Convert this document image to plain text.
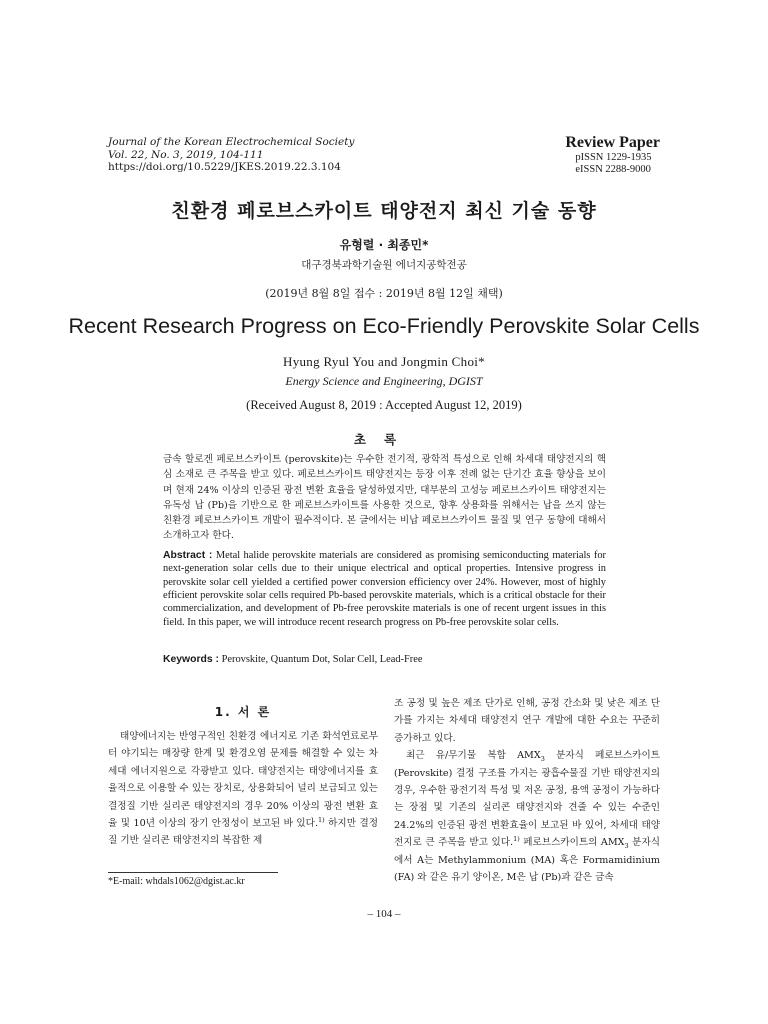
Journal of the Korean Electrochemical Society
Vol. 22, No. 3, 2019, 104-111
https://doi.org/10.5229/JKES.2019.22.3.104
Review Paper
pISSN 1229-1935
eISSN 2288-9000
친환경 페로브스카이트 태양전지 최신 기술 동향
유형렬 · 최종민*
대구경북과학기술원 에너지공학전공
(2019년 8월 8일 접수 : 2019년 8월 12일 채택)
Recent Research Progress on Eco-Friendly Perovskite Solar Cells
Hyung Ryul You and Jongmin Choi*
Energy Science and Engineering, DGIST
(Received August 8, 2019 : Accepted August 12, 2019)
초록
금속 할로겐 페로브스카이트 (perovskite)는 우수한 전기적, 광학적 특성으로 인해 차세대 태양전지의 핵심 소재로 큰 주목을 받고 있다. 페로브스카이트 태양전지는 등장 이후 전례 없는 단기간 효율 향상을 보이며 현재 24% 이상의 인증된 광전 변환 효율을 달성하였지만, 대부분의 고성능 페로브스카이트 태양전지는 유독성 납 (Pb)을 기반으로 한 페로브스카이트를 사용한 것으로, 향후 상용화를 위해서는 납을 쓰지 않는 친환경 페로브스카이트 개발이 필수적이다. 본 글에서는 비납 페로브스카이트 물질 및 연구 동향에 대해서 소개하고자 한다.
Abstract : Metal halide perovskite materials are considered as promising semiconducting materials for next-generation solar cells due to their unique electrical and optical properties. Intensive progress in perovskite solar cell yielded a certified power conversion efficiency over 24%. However, most of highly efficient perovskite solar cells required Pb-based perovskite materials, which is a critical obstacle for their commercialization, and development of Pb-free perovskite materials is one of recent urgent issues in this field. In this paper, we will introduce recent research progress on Pb-free perovskite solar cells.
Keywords : Perovskite, Quantum Dot, Solar Cell, Lead-Free
1. 서 론
태양에너지는 반영구적인 친환경 에너지로 기존 화석연료로부터 야기되는 매장량 한계 및 환경오염 문제를 해결할 수 있는 차세대 에너지원으로 각광받고 있다. 태양전지는 태양에너지를 효율적으로 이용할 수 있는 장치로, 상용화되어 널리 보급되고 있는 결정질 기반 실리콘 태양전지의 경우 20% 이상의 광전 변환 효율 및 10년 이상의 장기 안정성이 보고된 바 있다.$^{1)}$ 하지만 결정질 기반 실리콘 태양전지의 복잡한 제
조 공정 및 높은 제조 단가로 인해, 공정 간소화 및 낮은 제조 단가를 가지는 차세대 태양전지 연구 개발에 대한 수요는 꾸준히 증가하고 있다.
최근 유/무기물 복합 $AMX_3$ 분자식 페로브스카이트 (Perovskite) 결정 구조를 가지는 광흡수물질 기반 태양전지의 경우, 우수한 광전기적 특성 및 저온 공정, 용액 공정이 가능하다는 장점 및 기존의 실리콘 태양전지와 견줄 수 있는 수준인 24.2%의 인증된 광전 변환효율이 보고된 바 있어, 차세대 태양전지로 큰 주목을 받고 있다.$^{1)}$ 페로브스카이트의 $AMX_3$ 분자식에서 A는 Methylammonium (MA) 혹은 Formamidinium (FA) 와 같은 유기 양이온, M은 납 (Pb)과 같은 금속
*E-mail: whdals1062@dgist.ac.kr
– 104 –
